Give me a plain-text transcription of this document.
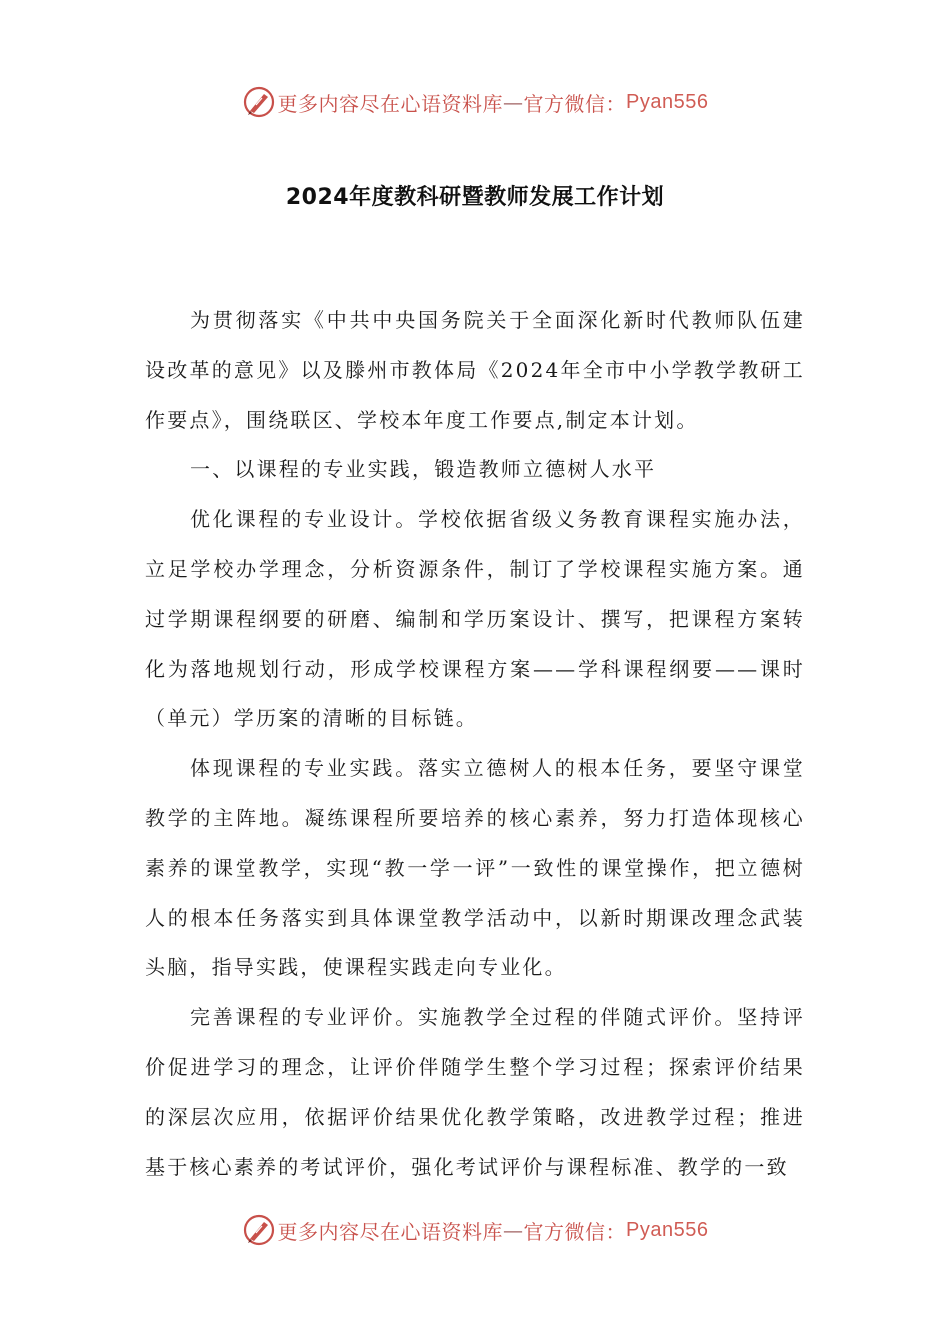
更多内容尽在心语资料库 — 官方微信： Pyan556
2024年度教科研暨教师发展工作计划

为贯彻落实《中共中央国务院关于全面深化新时代教师队伍建设改革的意见》以及滕州市教体局《2024年全市中小学教学教研工作要点》，围绕联区、学校本年度工作要点,制定本计划。

一、以课程的专业实践，锻造教师立德树人水平

优化课程的专业设计。学校依据省级义务教育课程实施办法，立足学校办学理念，分析资源条件，制订了学校课程实施方案。通过学期课程纲要的研磨、编制和学历案设计、撰写，把课程方案转化为落地规划行动，形成学校课程方案——学科课程纲要——课时（单元）学历案的清晰的目标链。

体现课程的专业实践。落实立德树人的根本任务，要坚守课堂教学的主阵地。凝练课程所要培养的核心素养，努力打造体现核心素养的课堂教学，实现“教一学一评”一致性的课堂操作，把立德树人的根本任务落实到具体课堂教学活动中，以新时期课改理念武装头脑，指导实践，使课程实践走向专业化。

完善课程的专业评价。实施教学全过程的伴随式评价。坚持评价促进学习的理念，让评价伴随学生整个学习过程；探索评价结果的深层次应用，依据评价结果优化教学策略，改进教学过程；推进基于核心素养的考试评价，强化考试评价与课程标准、教学的一致

更多内容尽在心语资料库 — 官方微信： Pyan556
